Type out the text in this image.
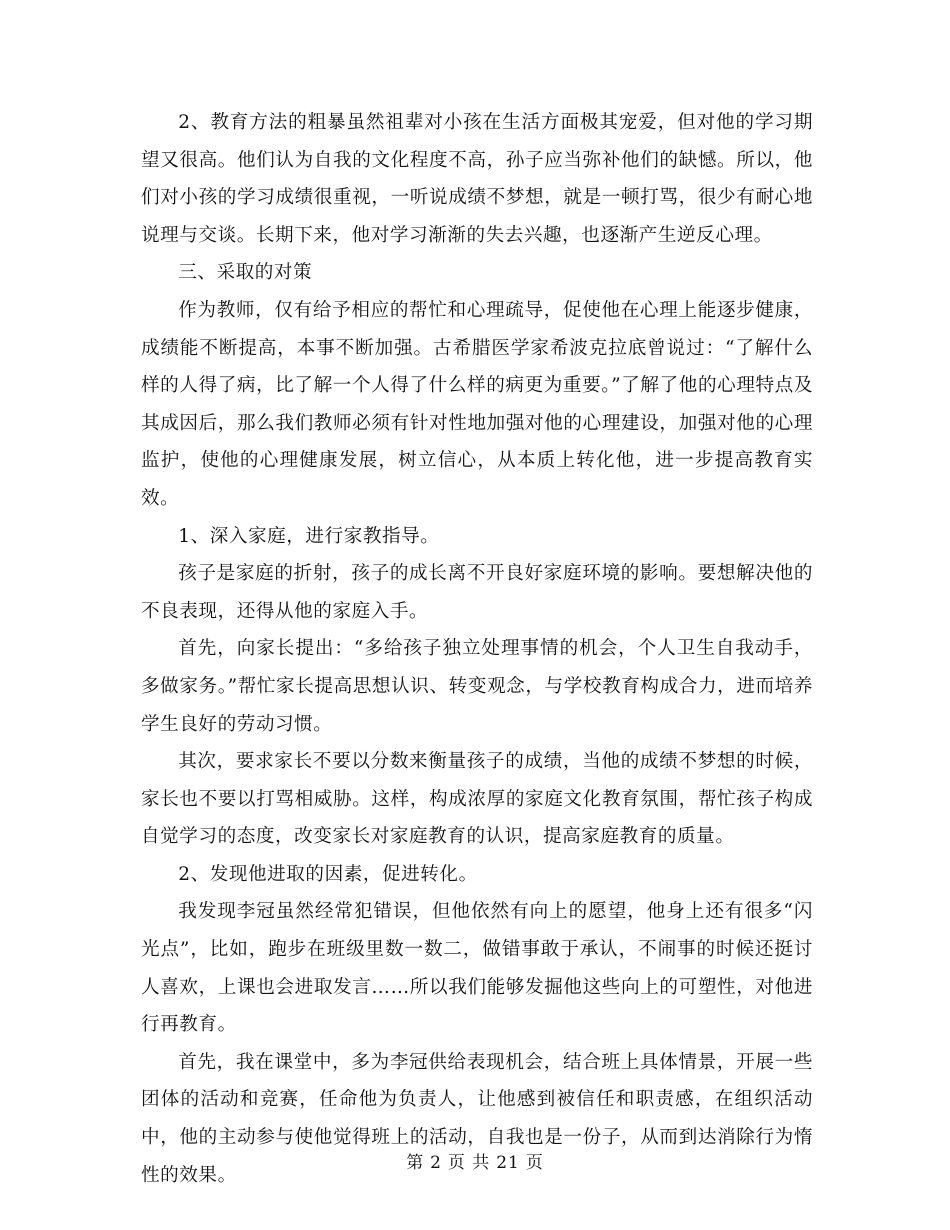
2、教育方法的粗暴虽然祖辈对小孩在生活方面极其宠爱，但对他的学习期望又很高。他们认为自我的文化程度不高，孙子应当弥补他们的缺憾。所以，他们对小孩的学习成绩很重视，一听说成绩不梦想，就是一顿打骂，很少有耐心地说理与交谈。长期下来，他对学习渐渐的失去兴趣，也逐渐产生逆反心理。

三、采取的对策

作为教师，仅有给予相应的帮忙和心理疏导，促使他在心理上能逐步健康，成绩能不断提高，本事不断加强。古希腊医学家希波克拉底曾说过：“了解什么样的人得了病，比了解一个人得了什么样的病更为重要。”了解了他的心理特点及其成因后，那么我们教师必须有针对性地加强对他的心理建设，加强对他的心理监护，使他的心理健康发展，树立信心，从本质上转化他，进一步提高教育实效。

1、深入家庭，进行家教指导。

孩子是家庭的折射，孩子的成长离不开良好家庭环境的影响。要想解决他的不良表现，还得从他的家庭入手。

首先，向家长提出：“多给孩子独立处理事情的机会，个人卫生自我动手，多做家务。”帮忙家长提高思想认识、转变观念，与学校教育构成合力，进而培养学生良好的劳动习惯。

其次，要求家长不要以分数来衡量孩子的成绩，当他的成绩不梦想的时候，家长也不要以打骂相威胁。这样，构成浓厚的家庭文化教育氛围，帮忙孩子构成自觉学习的态度，改变家长对家庭教育的认识，提高家庭教育的质量。

2、发现他进取的因素，促进转化。

我发现李冠虽然经常犯错误，但他依然有向上的愿望，他身上还有很多“闪光点”，比如，跑步在班级里数一数二，做错事敢于承认，不闹事的时候还挺讨人喜欢，上课也会进取发言……所以我们能够发掘他这些向上的可塑性，对他进行再教育。

首先，我在课堂中，多为李冠供给表现机会，结合班上具体情景，开展一些团体的活动和竞赛，任命他为负责人，让他感到被信任和职责感，在组织活动中，他的主动参与使他觉得班上的活动，自我也是一份子，从而到达消除行为惰性的效果。

第 2 页 共 21 页
